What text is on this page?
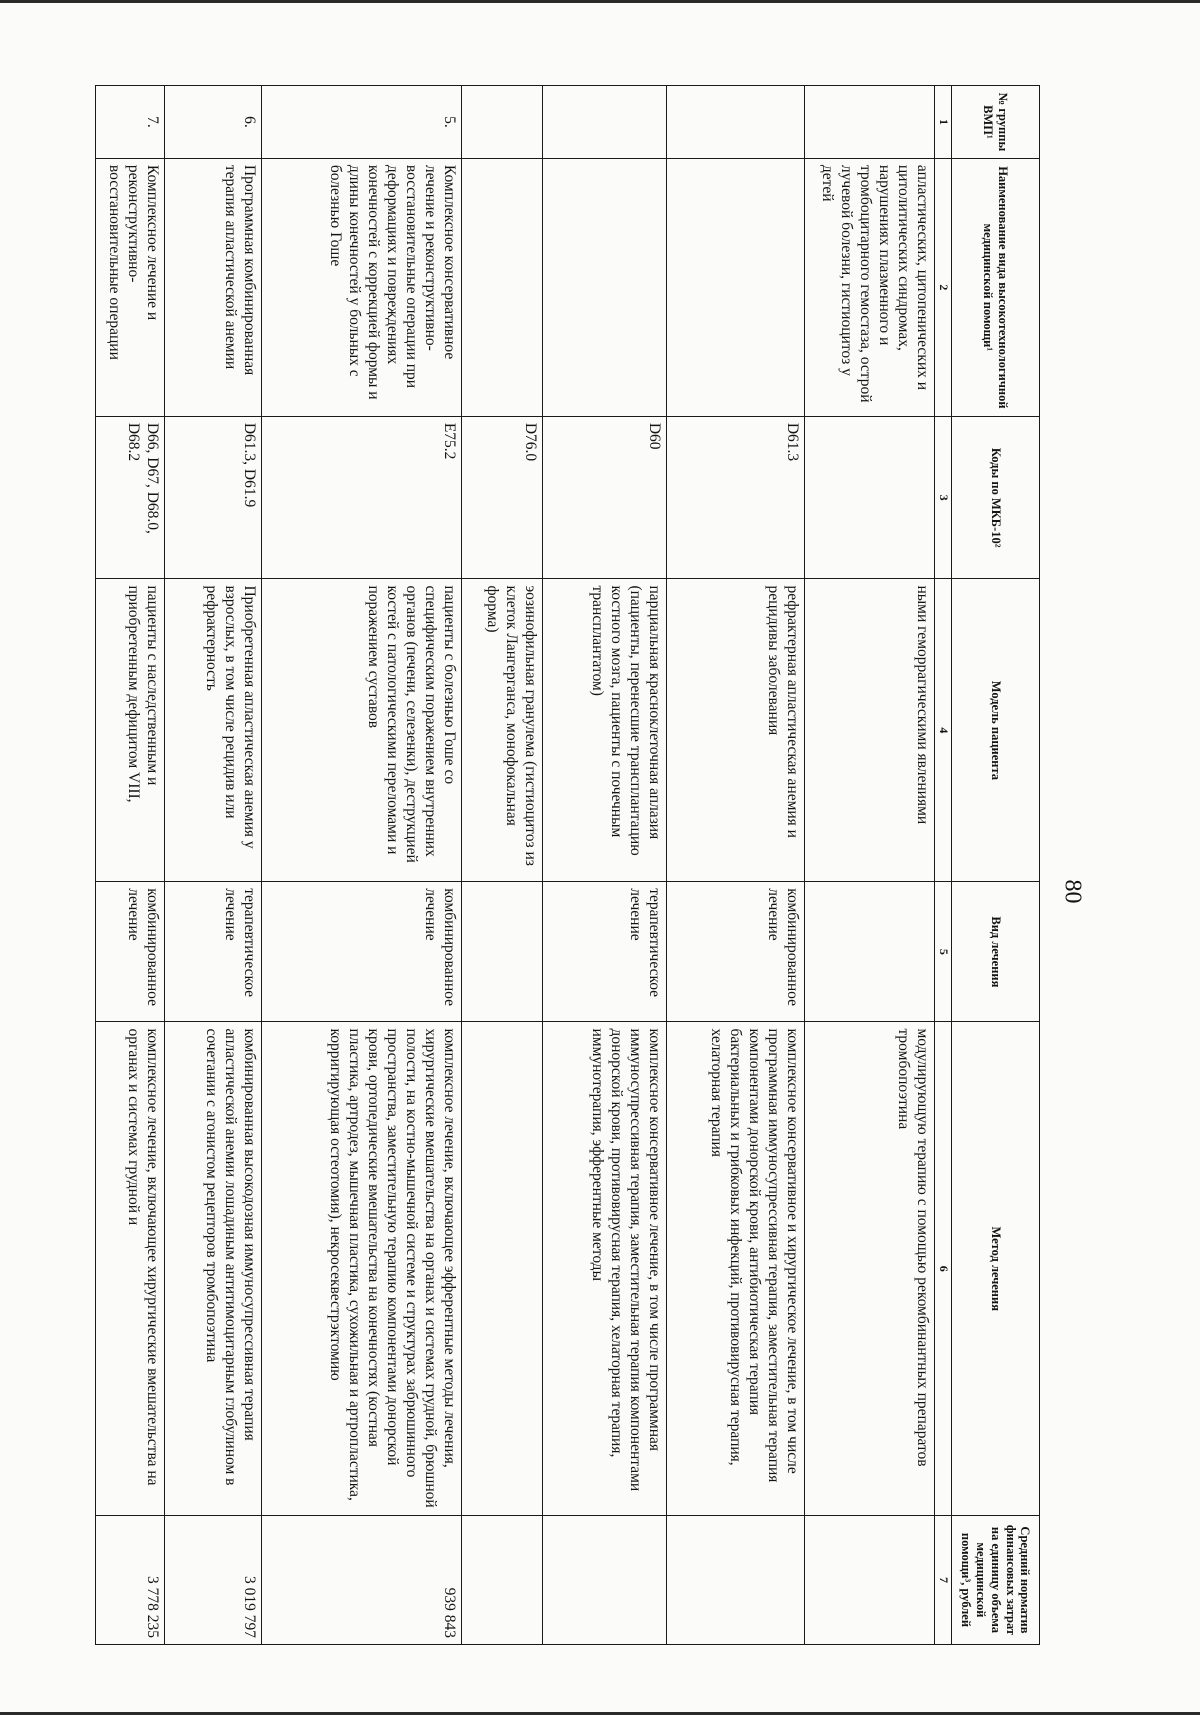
80
№ группы ВМП¹	Наименование вида высокотехнологичной медицинской помощи¹	Коды по МКБ-10²	Модель пациента	Вид лечения	Метод лечения	Средний норматив финансовых затрат на единицу объема медицинской помощи³, рублей
1	2	3	4	5	6	7
	апластических, цитопенических и цитолитических синдромах, нарушениях плазменного и тромбоцитарного гемостаза, острой лучевой болезни, гистиоцитоз у детей		ными геморрагическими явлениями		модулирующую терапию с помощью рекомбинантных препаратов тромбопоэтина	
		D61.3	рефрактерная апластическая анемия и рецидивы заболевания	комбинированное лечение	комплексное консервативное и хирургическое лечение, в том числе программная иммуносупрессивная терапия, заместительная терапия компонентами донорской крови, антибиотическая терапия бактериальных и грибковых инфекций, противовирусная терапия, хелаторная терапия	
		D60	парциальная красноклеточная аплазия (пациенты, перенесшие трансплантацию костного мозга, пациенты с почечным трансплантатом)	терапевтическое лечение	комплексное консервативное лечение, в том числе программная иммуносупрессивная терапия, заместительная терапия компонентами донорской крови, противовирусная терапия, хелаторная терапия, иммунотерапия, эфферентные методы	
		D76.0	эозинофильная гранулема (гистиоцитоз из клеток Лангерганса, монофокальная форма)			
5.	Комплексное консервативное лечение и реконструктивно-восстановительные операции при деформациях и повреждениях конечностей с коррекцией формы и длины конечностей у больных с болезнью Гоше	E75.2	пациенты с болезнью Гоше со специфическим поражением внутренних органов (печени, селезенки), деструкцией костей с патологическими переломами и поражением суставов	комбинированное лечение	комплексное лечение, включающее эфферентные методы лечения, хирургические вмешательства на органах и системах грудной, брюшной полости, на костно-мышечной системе и структурах забрюшинного пространства, заместительную терапию компонентами донорской крови, ортопедические вмешательства на конечностях (костная пластика, артродез, мышечная пластика, сухожильная и артропластика, корригирующая остеотомия), некросеквестрэктомию	939 843
6.	Программная комбинированная терапия апластической анемии	D61.3, D61.9	Приобретенная апластическая анемия у взрослых, в том числе рецидив или рефрактерность	терапевтическое лечение	комбинированная высокодозная иммуносупрессивная терапия апластической анемии лошадиным антитимоцитарным глобулином в сочетании с агонистом рецепторов тромбопоэтина	3 019 797
7.	Комплексное лечение и реконструктивно-восстановительные операции	D66, D67, D68.0, D68.2	пациенты с наследственным и приобретенным дефицитом VIII,	комбинированное лечение	комплексное лечение, включающее хирургические вмешательства на органах и системах грудной и	3 778 235
